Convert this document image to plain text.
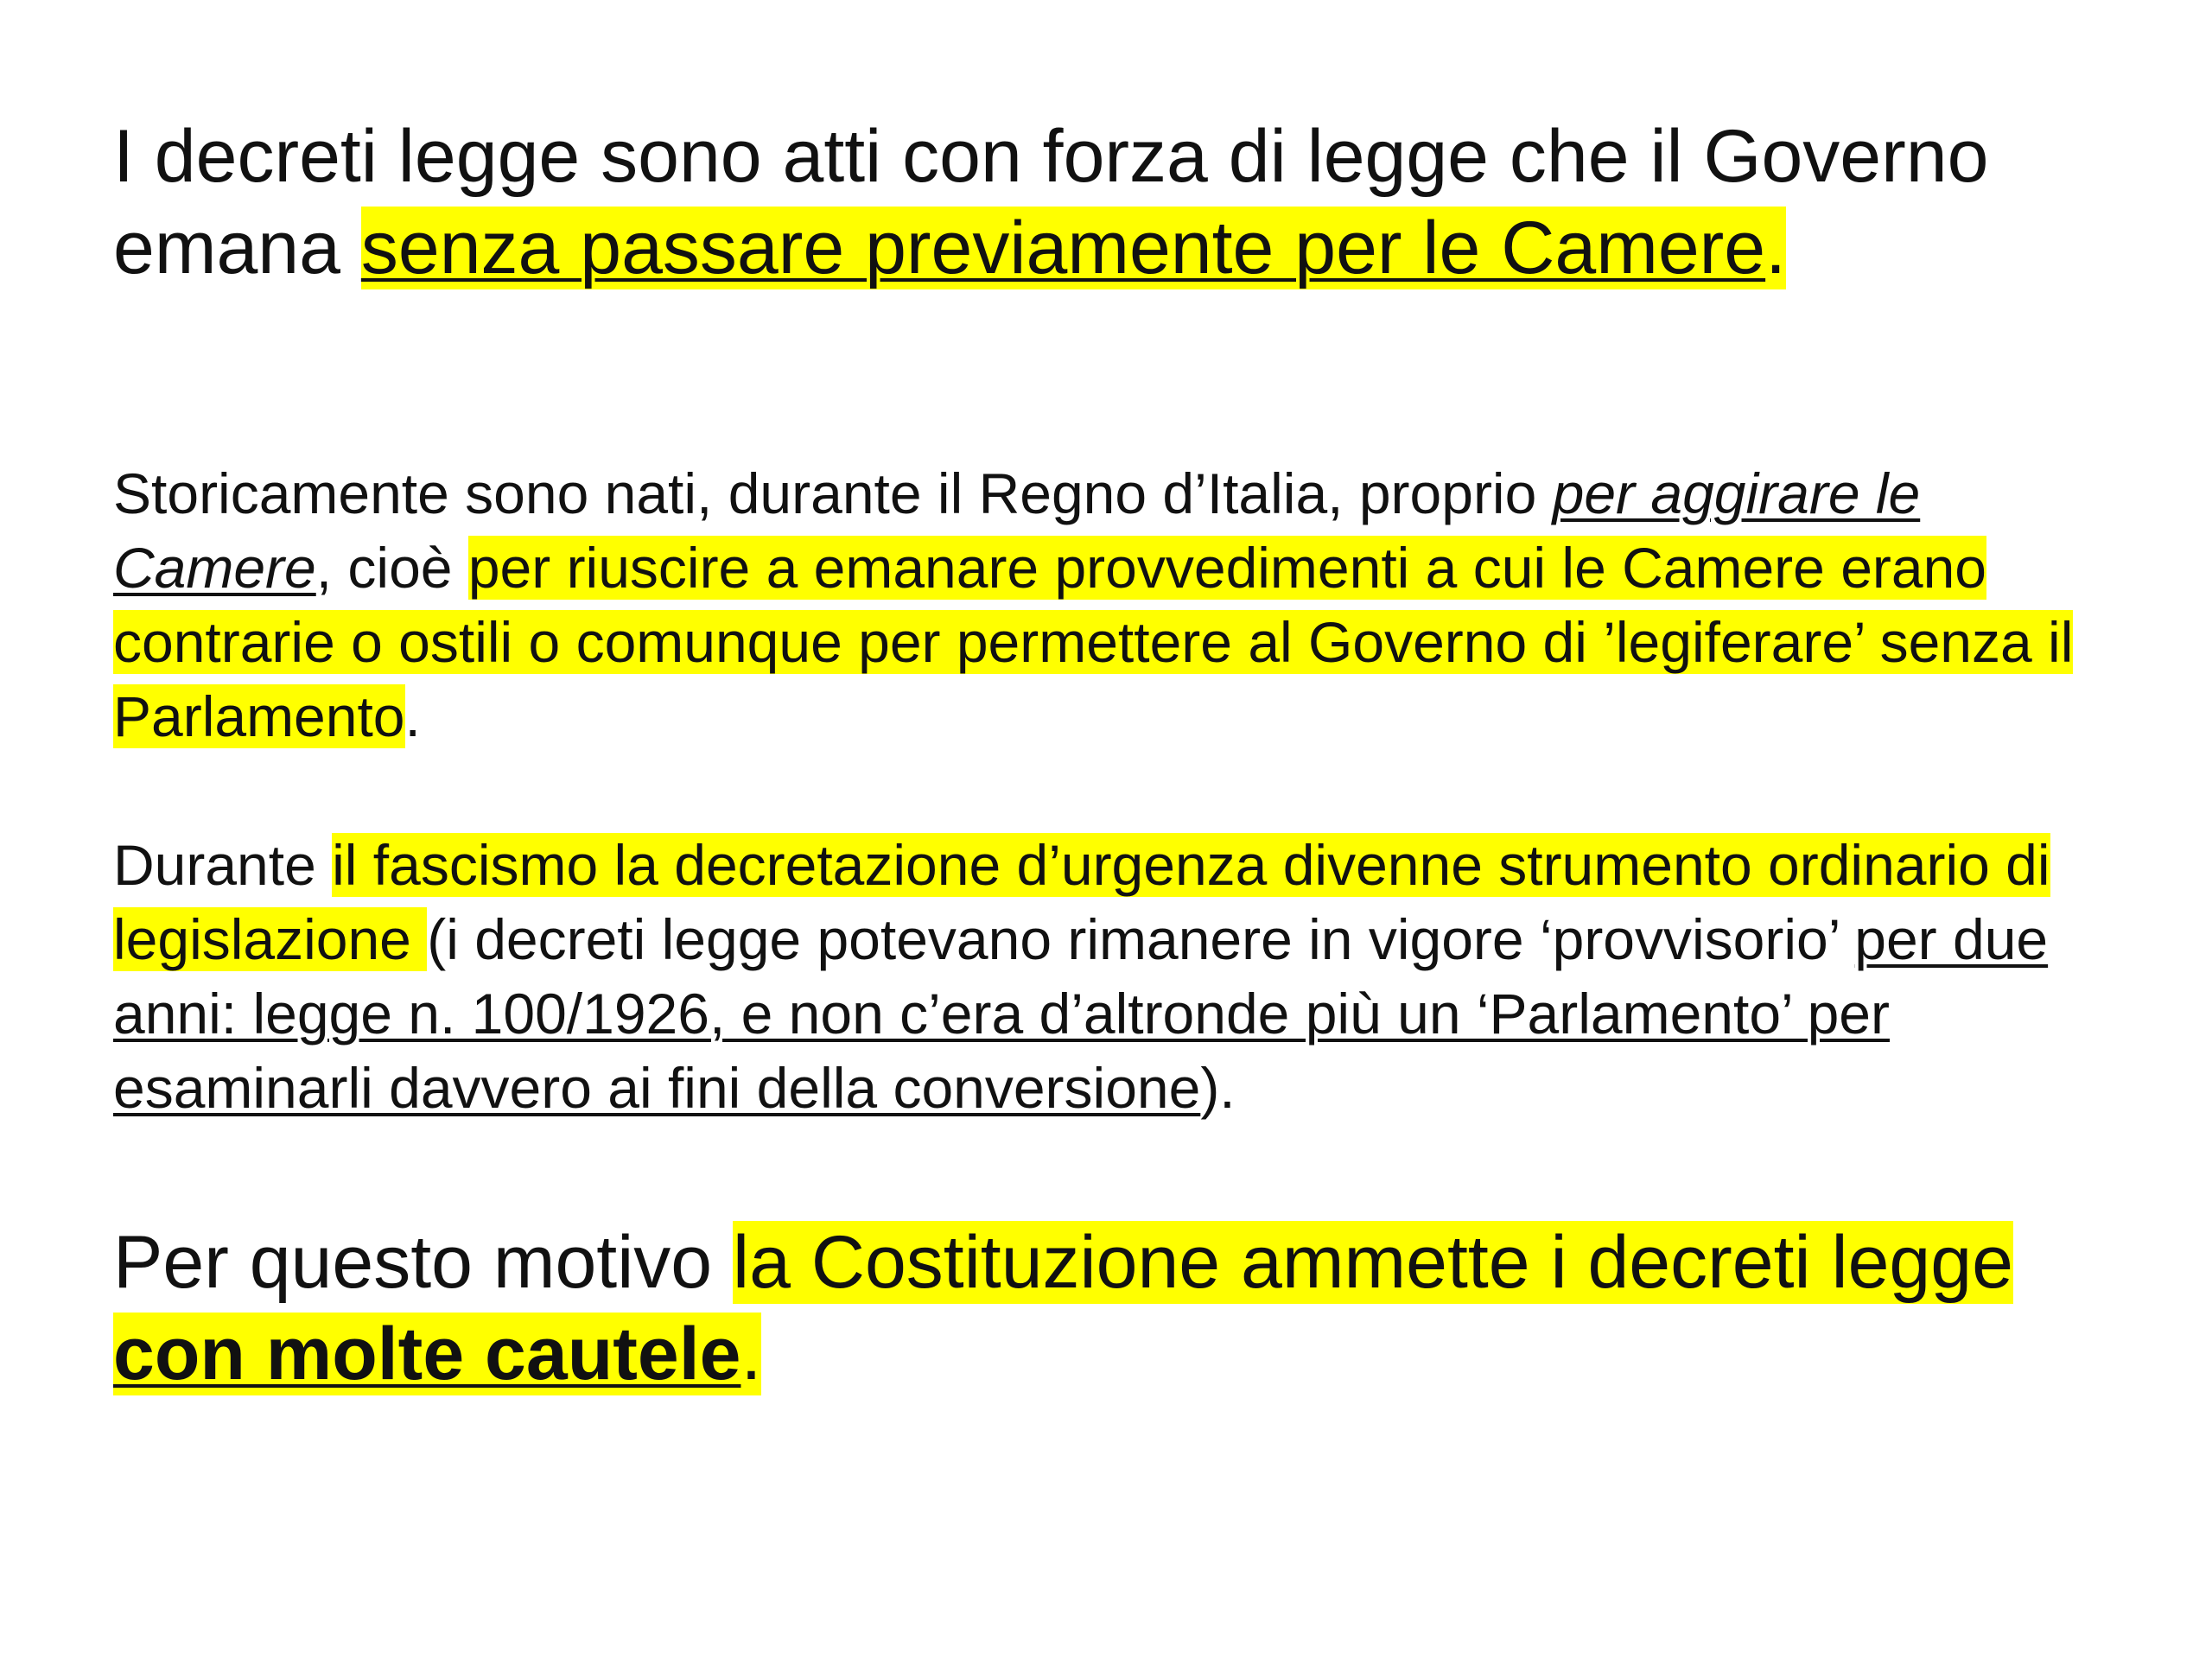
I decreti legge sono atti con forza di legge che il Governo emana senza passare previamente per le Camere.

Storicamente sono nati, durante il Regno d’Italia, proprio per aggirare le Camere, cioè per riuscire a emanare provvedimenti a cui le Camere erano contrarie o ostili o comunque per permettere al Governo di ’legiferare’ senza il Parlamento.

Durante il fascismo la decretazione d’urgenza divenne strumento ordinario di legislazione (i decreti legge potevano rimanere in vigore ‘provvisorio’ per due anni: legge n. 100/1926, e non c’era d’altronde più un ‘Parlamento’ per esaminarli davvero ai fini della conversione).

Per questo motivo la Costituzione ammette i decreti legge con molte cautele.
